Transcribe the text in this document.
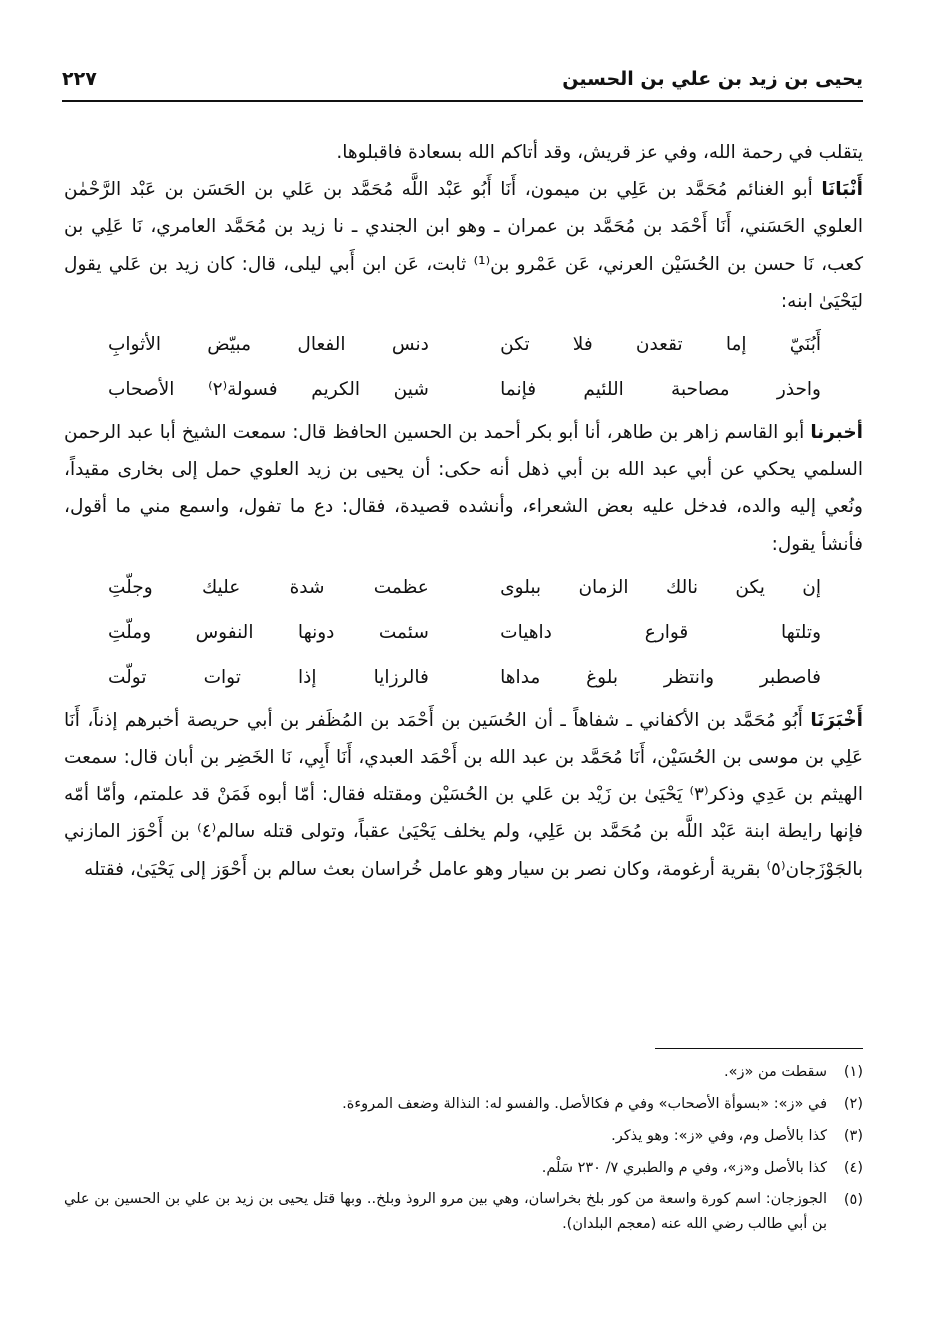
يحيى بن زيد بن علي بن الحسين
٢٢٧

يتقلب في رحمة الله، وفي عز قريش، وقد أتاكم الله بسعادة فاقبلوها.

أَنْبَانَا أبو الغنائم مُحَمَّد بن عَلِي بن ميمون، أَنَا أَبُو عَبْد اللَّه مُحَمَّد بن عَلي بن الحَسَن بن عَبْد الرَّحْمٰن العلوي الحَسَني، أَنَا أَحْمَد بن مُحَمَّد بن عمران ـ وهو ابن الجندي ـ نا زيد بن مُحَمَّد العامري، نَا عَلِي بن كعب، نَا حسن بن الحُسَيْن العرني، عَن عَمْرو بن⁽¹⁾ ثابت، عَن ابن أَبي ليلى، قال: كان زيد بن عَلي يقول ليَحْيَىٰ ابنه:

أَبُنَيّ إما تقعدن فلا تكن
دنس الفعال مبيّض الأثوابِ
واحذر مصاحبة اللئيم فإنما
شين الكريم فسولة⁽٢⁾ الأصحاب

أخبرنا أبو القاسم زاهر بن طاهر، أنا أبو بكر أحمد بن الحسين الحافظ قال: سمعت الشيخ أبا عبد الرحمن السلمي يحكي عن أبي عبد الله بن أبي ذهل أنه حكى: أن يحيى بن زيد العلوي حمل إلى بخارى مقيداً، ونُعي إليه والده، فدخل عليه بعض الشعراء، وأنشده قصيدة، فقال: دع ما تفول، واسمع مني ما أقول، فأنشأ يقول:

إن يكن نالك الزمان ببلوى
عظمت شدة عليك وجلّتِ
وتلتها قوارع داهيات
سئمت دونها النفوس وملّتِ
فاصطبر وانتظر بلوغ مداها
فالرزايا إذا توات تولّت

أَخْبَرَنَا أَبُو مُحَمَّد بن الأكفاني ـ شفاهاً ـ أن الحُسَين بن أَحْمَد بن المُظَفر بن أبي حريصة أخبرهم إذناً، أَنَا عَلِي بن موسى بن الحُسَيْن، أَنَا مُحَمَّد بن عبد الله بن أَحْمَد العبدي، أَنَا أَبِي، نَا الخَضِر بن أبان قال: سمعت الهيثم بن عَدِي وذكر⁽٣⁾ يَحْيَىٰ بن زَيْد بن عَلي بن الحُسَيْن ومقتله فقال: أمّا أبوه فَمَنْ قد علمتم، وأمّا أمّه فإنها رايطة ابنة عَبْد اللَّه بن مُحَمَّد بن عَلِي، ولم يخلف يَحْيَىٰ عقباً، وتولى قتله سالم⁽٤⁾ بن أَحْوَز المازني بالجَوْزَجان⁽٥⁾ بقرية أرغومة، وكان نصر بن سيار وهو عامل خُراسان بعث سالم بن أَحْوَز إلى يَحْيَىٰ، فقتله

(١)
سقطت من «ز».
(٢)
في «ز»: «بسوأة الأصحاب» وفي م فكالأصل. والفسو له: النذالة وضعف المروءة.
(٣)
كذا بالأصل وم، وفي «ز»: وهو يذكر.
(٤)
كذا بالأصل و«ز»، وفي م والطبري ٧/ ٢٣٠ سَلْم.
(٥)
الجوزجان: اسم كورة واسعة من كور بلخ بخراسان، وهي بين مرو الروذ وبلخ.. وبها قتل يحيى بن زيد بن علي بن الحسين بن علي بن أبي طالب رضي الله عنه (معجم البلدان).
